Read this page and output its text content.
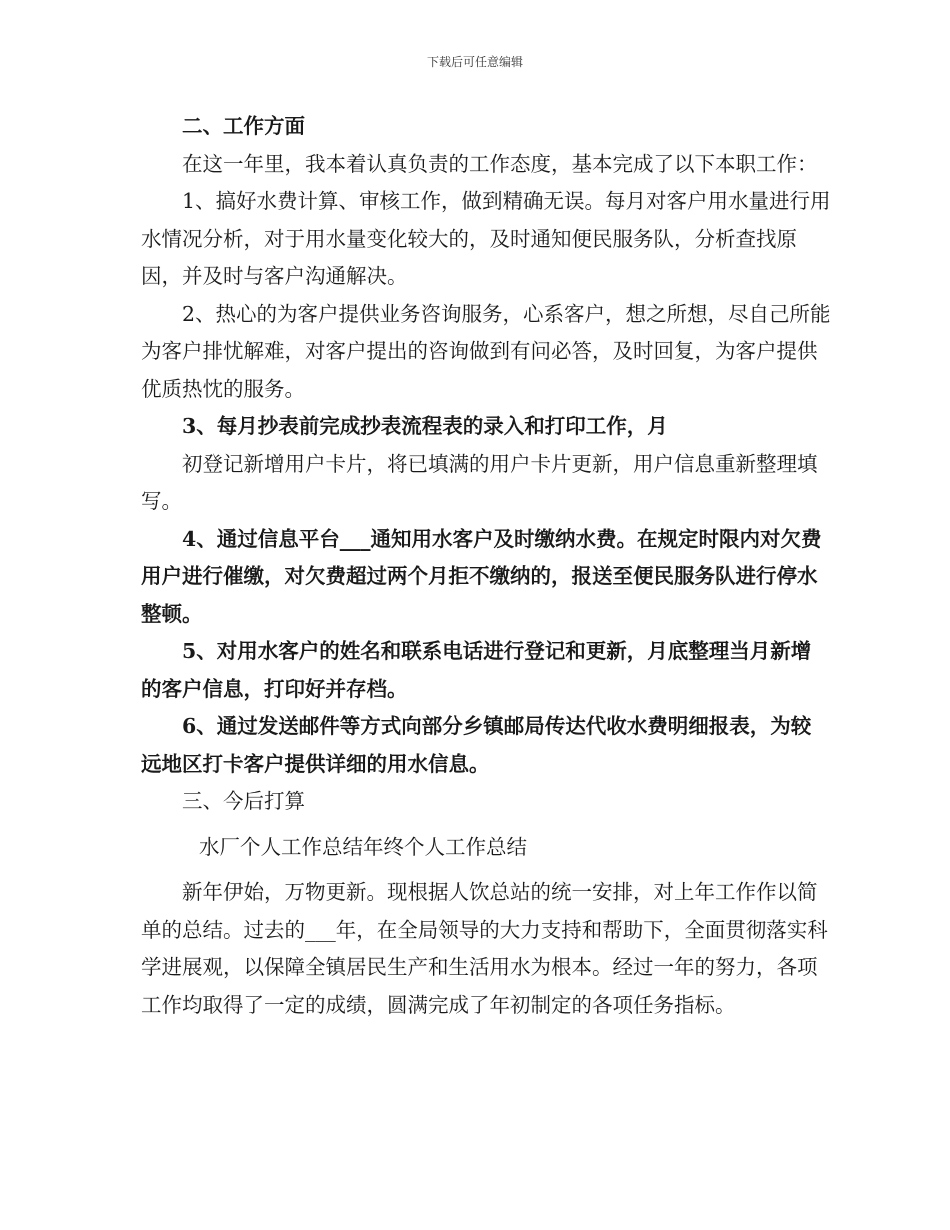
下载后可任意编辑

二、工作方面

在这一年里，我本着认真负责的工作态度，基本完成了以下本职工作：

1、搞好水费计算、审核工作，做到精确无误。每月对客户用水量进行用水情况分析，对于用水量变化较大的，及时通知便民服务队，分析查找原因，并及时与客户沟通解决。

2、热心的为客户提供业务咨询服务，心系客户，想之所想，尽自己所能为客户排忧解难，对客户提出的咨询做到有问必答，及时回复，为客户提供优质热忱的服务。

3、每月抄表前完成抄表流程表的录入和打印工作，月

初登记新增用户卡片，将已填满的用户卡片更新，用户信息重新整理填写。

4、通过信息平台___通知用水客户及时缴纳水费。在规定时限内对欠费用户进行催缴，对欠费超过两个月拒不缴纳的，报送至便民服务队进行停水整顿。

5、对用水客户的姓名和联系电话进行登记和更新，月底整理当月新增的客户信息，打印好并存档。

6、通过发送邮件等方式向部分乡镇邮局传达代收水费明细报表，为较远地区打卡客户提供详细的用水信息。

三、今后打算

水厂个人工作总结年终个人工作总结

新年伊始，万物更新。现根据人饮总站的统一安排，对上年工作作以简单的总结。过去的___年，在全局领导的大力支持和帮助下，全面贯彻落实科学进展观，以保障全镇居民生产和生活用水为根本。经过一年的努力，各项工作均取得了一定的成绩，圆满完成了年初制定的各项任务指标。
